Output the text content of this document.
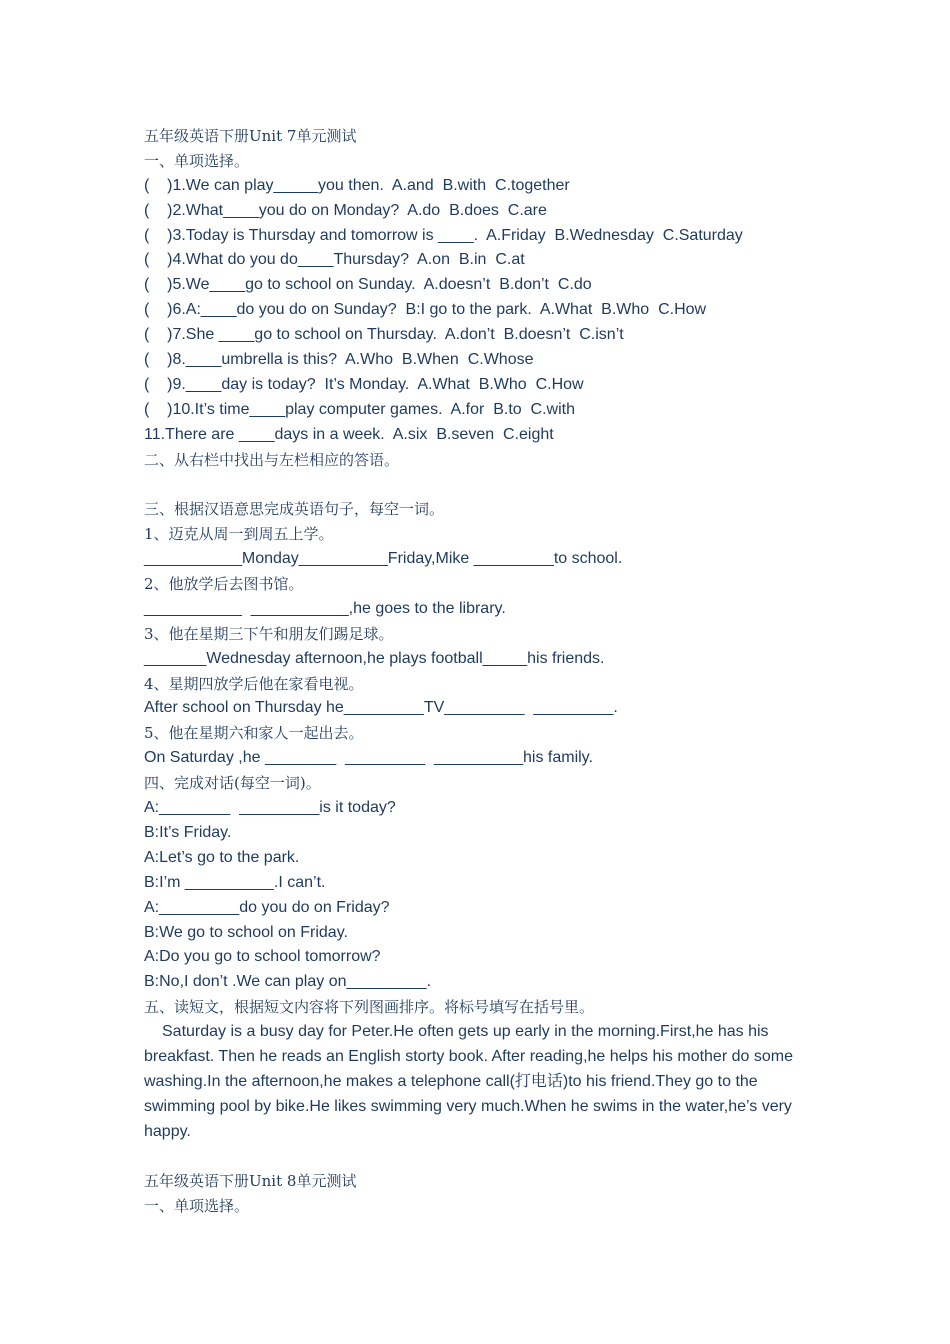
五年级英语下册Unit 7单元测试
一、单项选择。
(    )1.We can play_____you then.  A.and  B.with  C.together
(    )2.What____you do on Monday?  A.do  B.does  C.are
(    )3.Today is Thursday and tomorrow is ____.  A.Friday  B.Wednesday  C.Saturday
(    )4.What do you do____Thursday?  A.on  B.in  C.at
(    )5.We____go to school on Sunday.  A.doesn’t  B.don’t  C.do
(    )6.A:____do you do on Sunday?  B:I go to the park.  A.What  B.Who  C.How
(    )7.She ____go to school on Thursday.  A.don’t  B.doesn’t  C.isn’t
(    )8.____umbrella is this?  A.Who  B.When  C.Whose
(    )9.____day is today?  It’s Monday.  A.What  B.Who  C.How
(    )10.It’s time____play computer games.  A.for  B.to  C.with
11.There are ____days in a week.  A.six  B.seven  C.eight
二、从右栏中找出与左栏相应的答语。
三、根据汉语意思完成英语句子，每空一词。
1、迈克从周一到周五上学。
___________Monday__________Friday,Mike _________to school.
2、他放学后去图书馆。
___________  ___________,he goes to the library.
3、他在星期三下午和朋友们踢足球。
_______Wednesday afternoon,he plays football_____his friends.
4、星期四放学后他在家看电视。
After school on Thursday he_________TV_________  _________.
5、他在星期六和家人一起出去。
On Saturday ,he ________  _________  __________his family.
四、完成对话(每空一词)。
A:________  _________is it today?
B:It’s Friday.
A:Let’s go to the park.
B:I’m __________.I can’t.
A:_________do you do on Friday?
B:We go to school on Friday.
A:Do you go to school tomorrow?
B:No,I don’t .We can play on_________.
五、读短文，根据短文内容将下列图画排序。将标号填写在括号里。

Saturday is a busy day for Peter.He often gets up early in the morning.First,he has his breakfast. Then he reads an English storty book. After reading,he helps his mother do some washing.In the afternoon,he makes a telephone call(打电话)to his friend.They go to the swimming pool by bike.He likes swimming very much.When he swims in the water,he’s very happy.

五年级英语下册Unit 8单元测试
一、单项选择。
